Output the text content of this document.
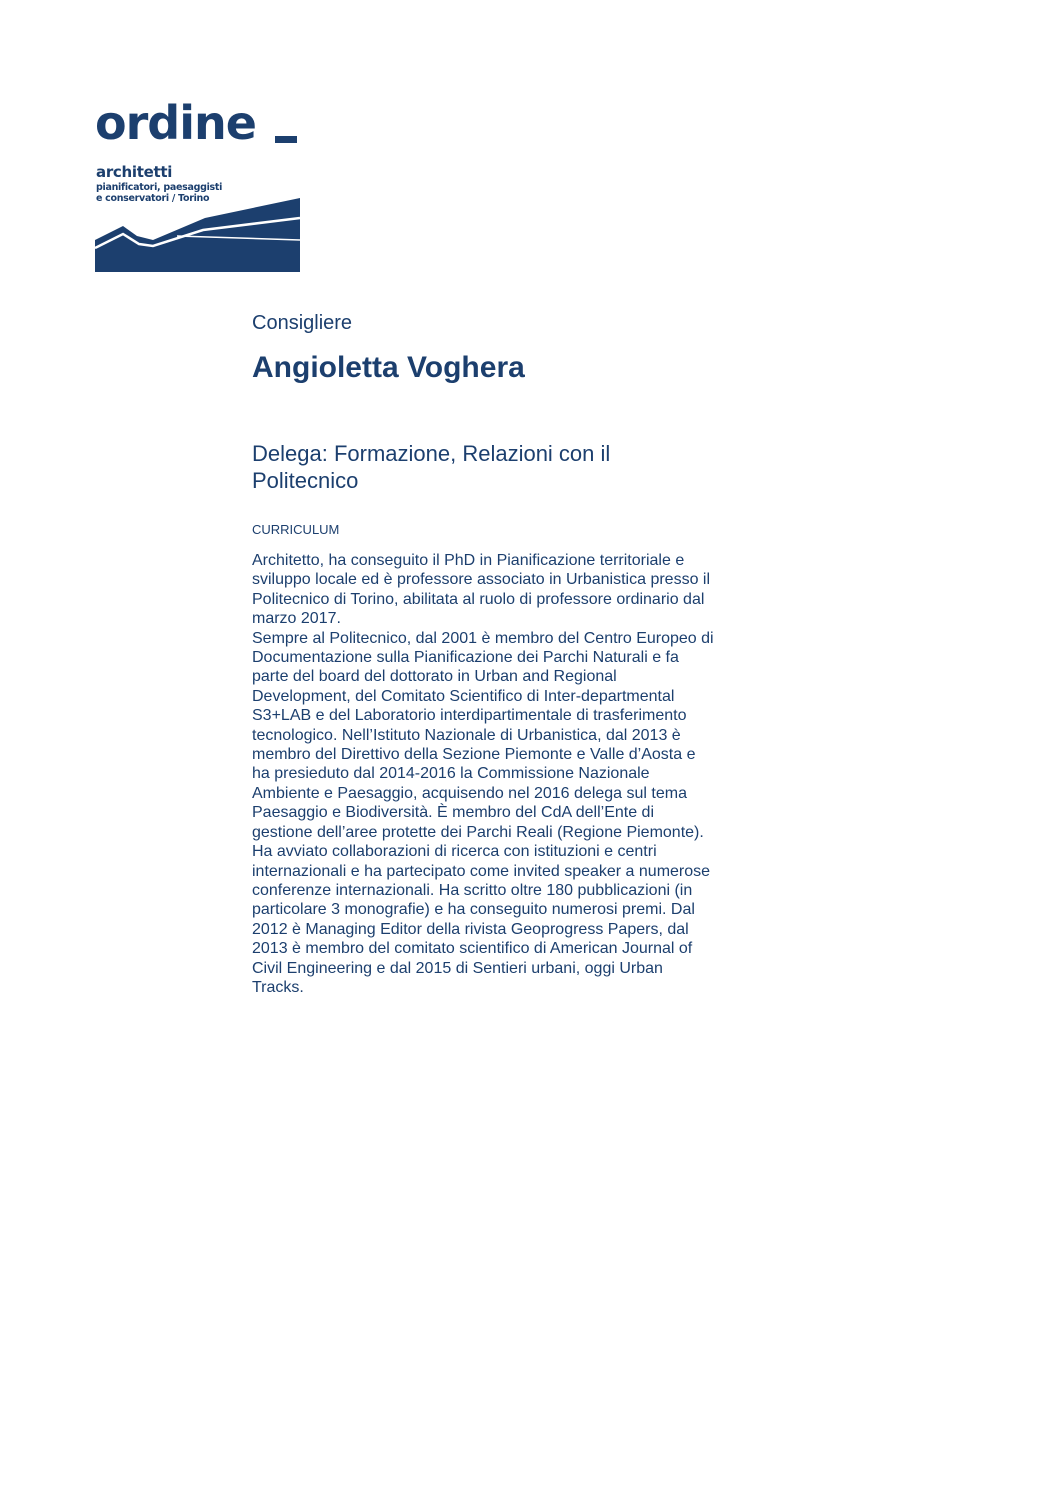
ordine
architetti
pianificatori, paesaggisti
e conservatori / Torino
Consigliere
Angioletta Voghera
Delega: Formazione, Relazioni con il Politecnico
CURRICULUM
Architetto, ha conseguito il PhD in Pianificazione territoriale e
sviluppo locale ed è professore associato in Urbanistica presso il
Politecnico di Torino, abilitata al ruolo di professore ordinario dal
marzo 2017.
Sempre al Politecnico, dal 2001 è membro del Centro Europeo di
Documentazione sulla Pianificazione dei Parchi Naturali e fa
parte del board del dottorato in Urban and Regional
Development, del Comitato Scientifico di Inter-departmental
S3+LAB e del Laboratorio interdipartimentale di trasferimento
tecnologico. Nell’Istituto Nazionale di Urbanistica, dal 2013 è
membro del Direttivo della Sezione Piemonte e Valle d’Aosta e
ha presieduto dal 2014-2016 la Commissione Nazionale
Ambiente e Paesaggio, acquisendo nel 2016 delega sul tema
Paesaggio e Biodiversità. È membro del CdA dell’Ente di
gestione dell’aree protette dei Parchi Reali (Regione Piemonte).
Ha avviato collaborazioni di ricerca con istituzioni e centri
internazionali e ha partecipato come invited speaker a numerose
conferenze internazionali. Ha scritto oltre 180 pubblicazioni (in
particolare 3 monografie) e ha conseguito numerosi premi. Dal
2012 è Managing Editor della rivista Geoprogress Papers, dal
2013 è membro del comitato scientifico di American Journal of
Civil Engineering e dal 2015 di Sentieri urbani, oggi Urban
Tracks.
